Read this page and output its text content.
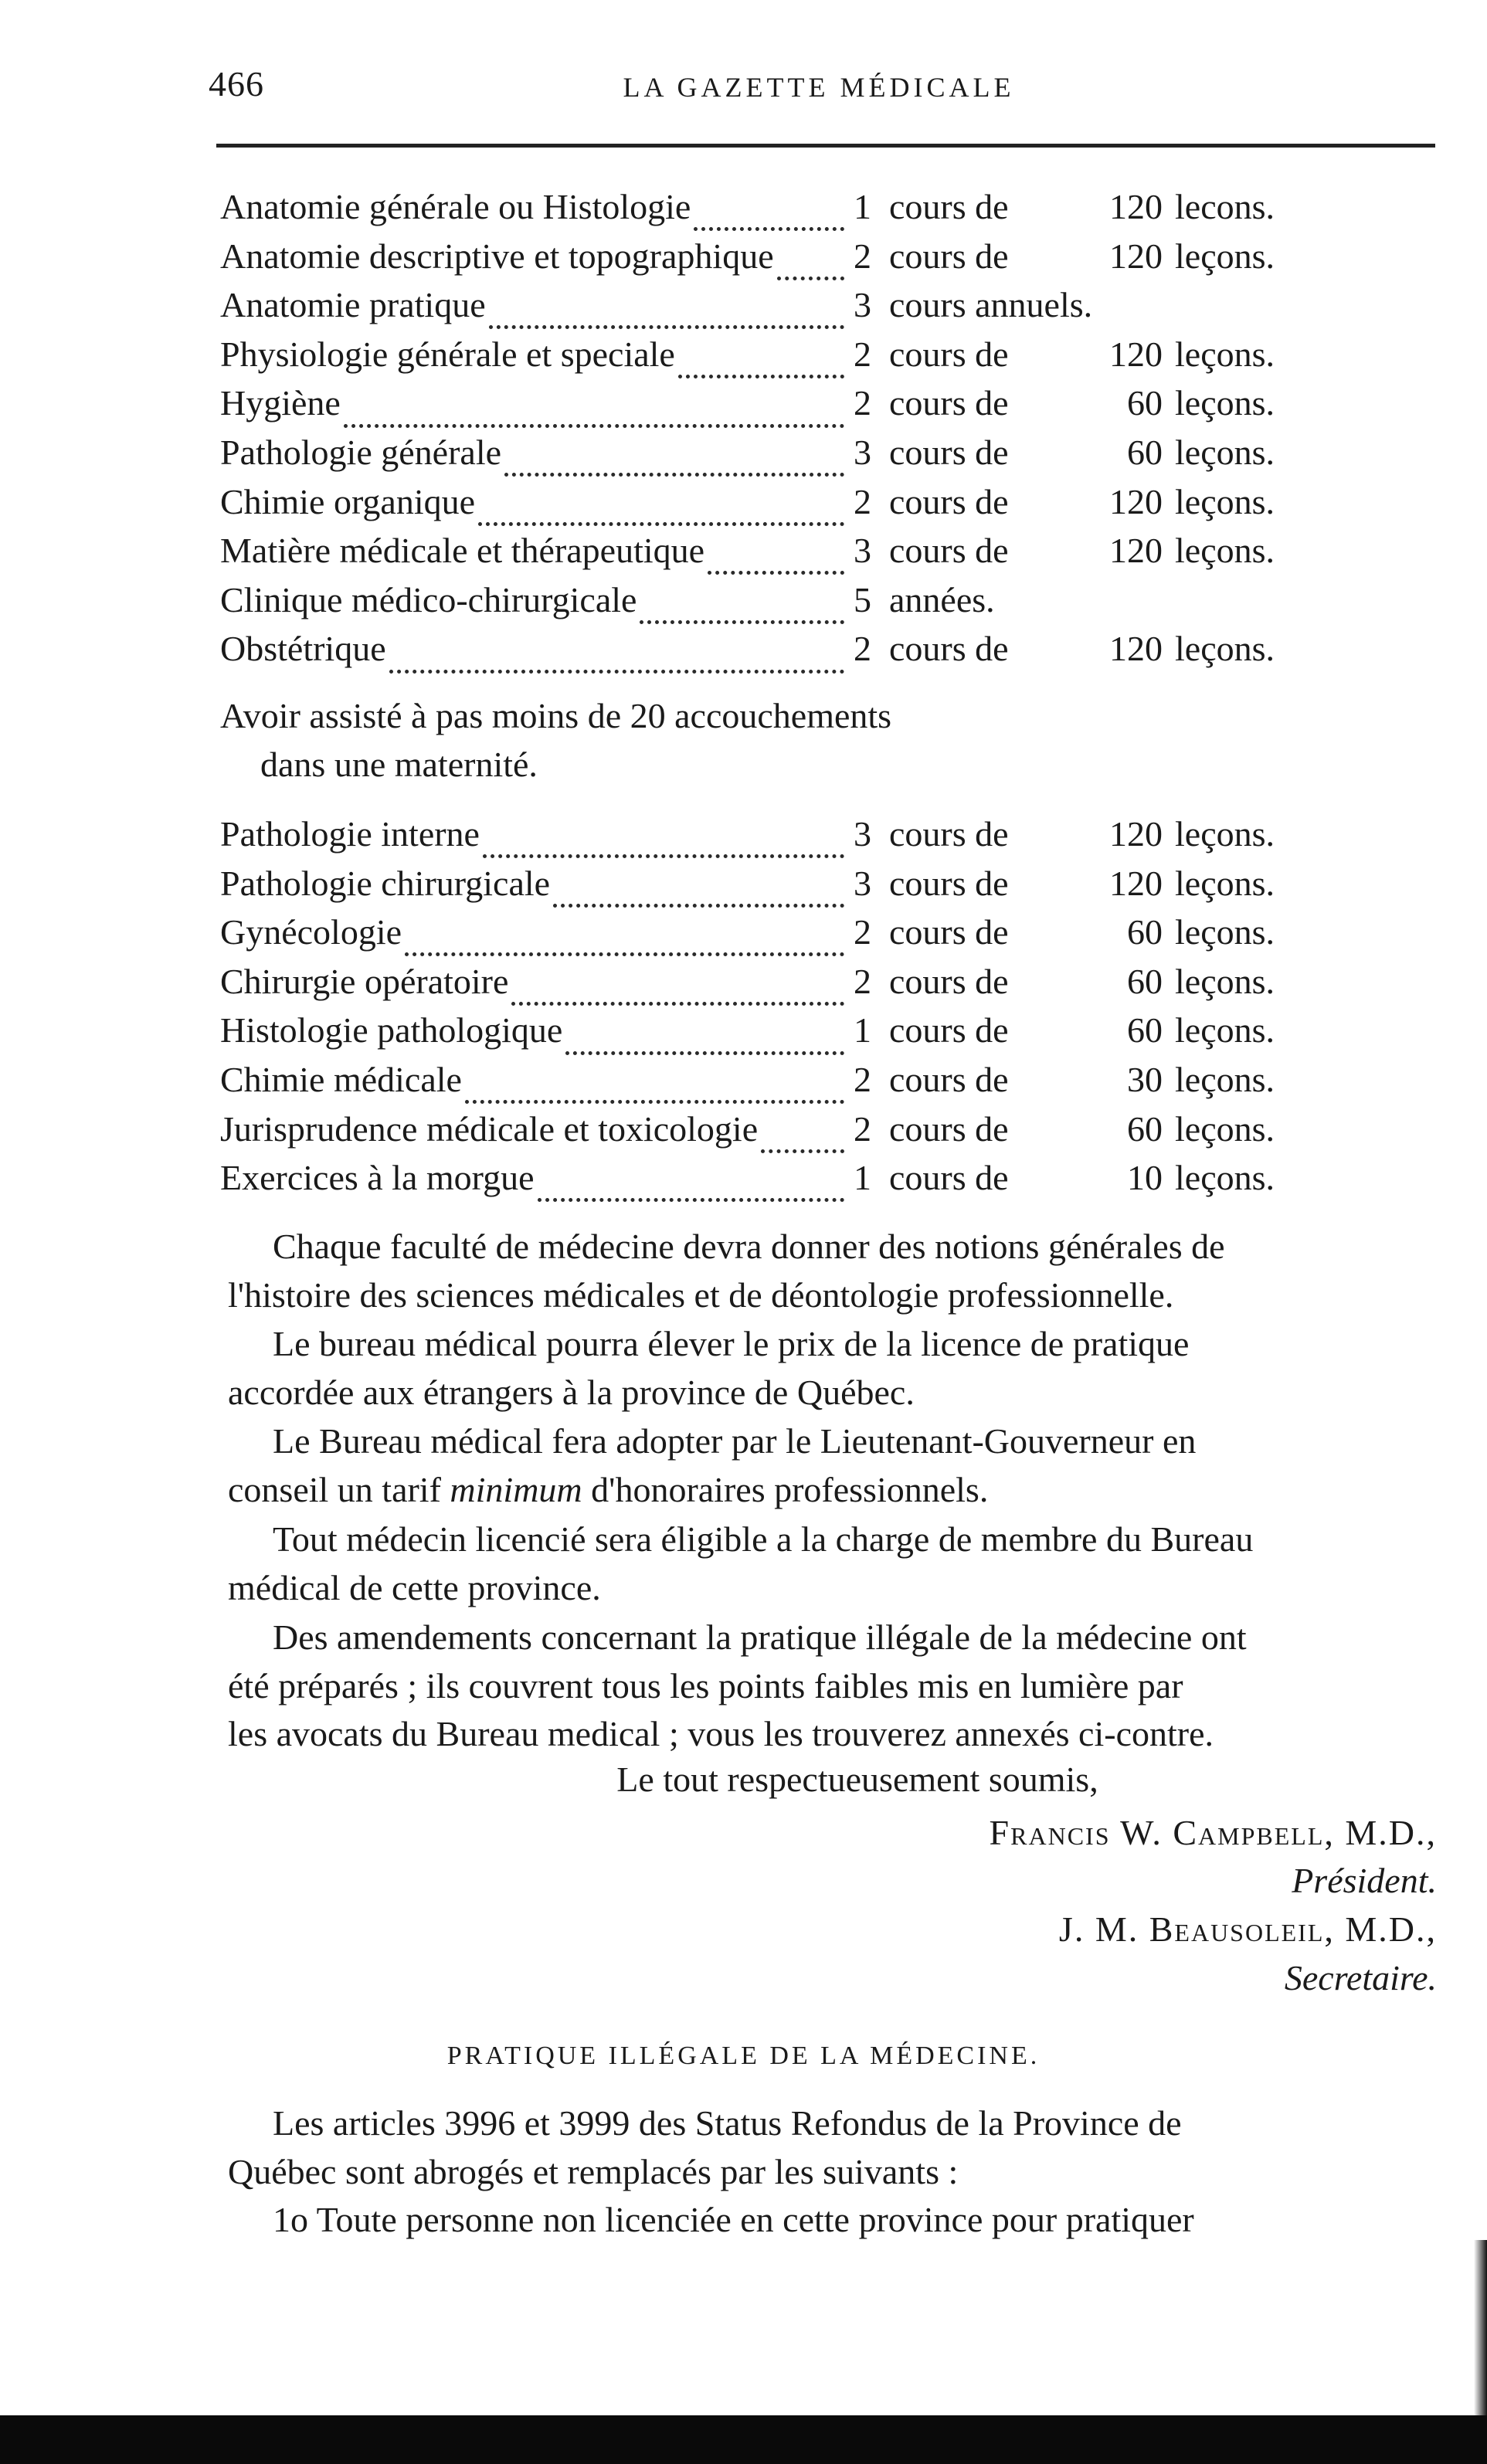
466	LA GAZETTE MÉDICALE
Anatomie générale ou Histologie	1 cours de	120 lecons.
Anatomie descriptive et topographique 2 cours de	120 leçons.
Anatomie pratique	3 cours annuels.
Physiologie générale et speciale	2 cours de	120 leçons.
Hygiène	2 cours de	60 leçons.
Pathologie générale	3 cours de	60 leçons.
Chimie organique	2 cours de	120 leçons.
Matière médicale et thérapeutique	3 cours de	120 leçons.
Clinique médico-chirurgicale	5 années.
Obstétrique	2 cours de	120 leçons.
Avoir assisté à pas moins de 20 accouchements
dans une maternité.
Pathologie interne	3 cours de	120 leçons.
Pathologie chirurgicale	3 cours de	120 leçons.
Gynécologie	2 cours de	60 leçons.
Chirurgie opératoire	2 cours de	60 leçons.
Histologie pathologique	1 cours de	60 leçons.
Chimie médicale	2 cours de	30 leçons.
Jurisprudence médicale et toxicologie	2 cours de	60 leçons.
Exercices à la morgue	1 cours de	10 leçons.
Chaque faculté de médecine devra donner des notions générales de
l'histoire des sciences médicales et de déontologie professionnelle.
Le bureau médical pourra élever le prix de la licence de pratique
accordée aux étrangers à la province de Québec.
Le Bureau médical fera adopter par le Lieutenant-Gouverneur en
conseil un tarif minimum d'honoraires professionnels.
Tout médecin licencié sera éligible a la charge de membre du Bureau
médical de cette province.
Des amendements concernant la pratique illégale de la médecine ont
été préparés ; ils couvrent tous les points faibles mis en lumière par
les avocats du Bureau medical ; vous les trouverez annexés ci-contre.
Le tout respectueusement soumis,
Francis W. Campbell, M.D.,
Président.
J. M. Beausoleil, M.D.,
Secretaire.
PRATIQUE ILLÉGALE DE LA MÉDECINE.
Les articles 3996 et 3999 des Status Refondus de la Province de
Québec sont abrogés et remplacés par les suivants :
1o Toute personne non licenciée en cette province pour pratiquer
